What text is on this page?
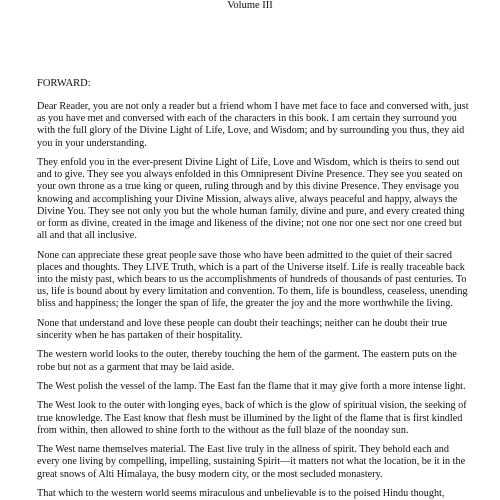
Volume III
FORWARD:

Dear Reader, you are not only a reader but a friend whom I have met face to face and conversed with, just as you have met and conversed with each of the characters in this book. I am certain they surround you with the full glory of the Divine Light of Life, Love, and Wisdom; and by surrounding you thus, they aid you in your understanding.

They enfold you in the ever-present Divine Light of Life, Love and Wisdom, which is theirs to send out and to give. They see you always enfolded in this Omnipresent Divine Presence. They see you seated on your own throne as a true king or queen, ruling through and by this divine Presence. They envisage you knowing and accomplishing your Divine Mission, always alive, always peaceful and happy, always the Divine You. They see not only you but the whole human family, divine and pure, and every created thing or form as divine, created in the image and likeness of the divine; not one nor one sect nor one creed but all and that all inclusive.

None can appreciate these great people save those who have been admitted to the quiet of their sacred places and thoughts. They LIVE Truth, which is a part of the Universe itself. Life is really traceable back into the misty past, which bears to us the accomplishments of hundreds of thousands of past centuries. To us, life is bound about by every limitation and convention. To them, life is boundless, ceaseless, unending bliss and happiness; the longer the span of life, the greater the joy and the more worthwhile the living.

None that understand and love these people can doubt their teachings; neither can he doubt their true sincerity when he has partaken of their hospitality.

The western world looks to the outer, thereby touching the hem of the garment. The eastern puts on the robe but not as a garment that may be laid aside.

The West polish the vessel of the lamp. The East fan the flame that it may give forth a more intense light.

The West look to the outer with longing eyes, back of which is the glow of spiritual vision, the seeking of true knowledge. The East know that flesh must be illumined by the light of the flame that is first kindled from within, then allowed to shine forth to the without as the full blaze of the noonday sun.

The West name themselves material. The East live truly in the allness of spirit. They behold each and every one living by compelling, impelling, sustaining Spirit—it matters not what the location, be it in the great snows of Alti Himalaya, the busy modern city, or the most secluded monastery.

That which to the western world seems miraculous and unbelievable is to the poised Hindu thought,
